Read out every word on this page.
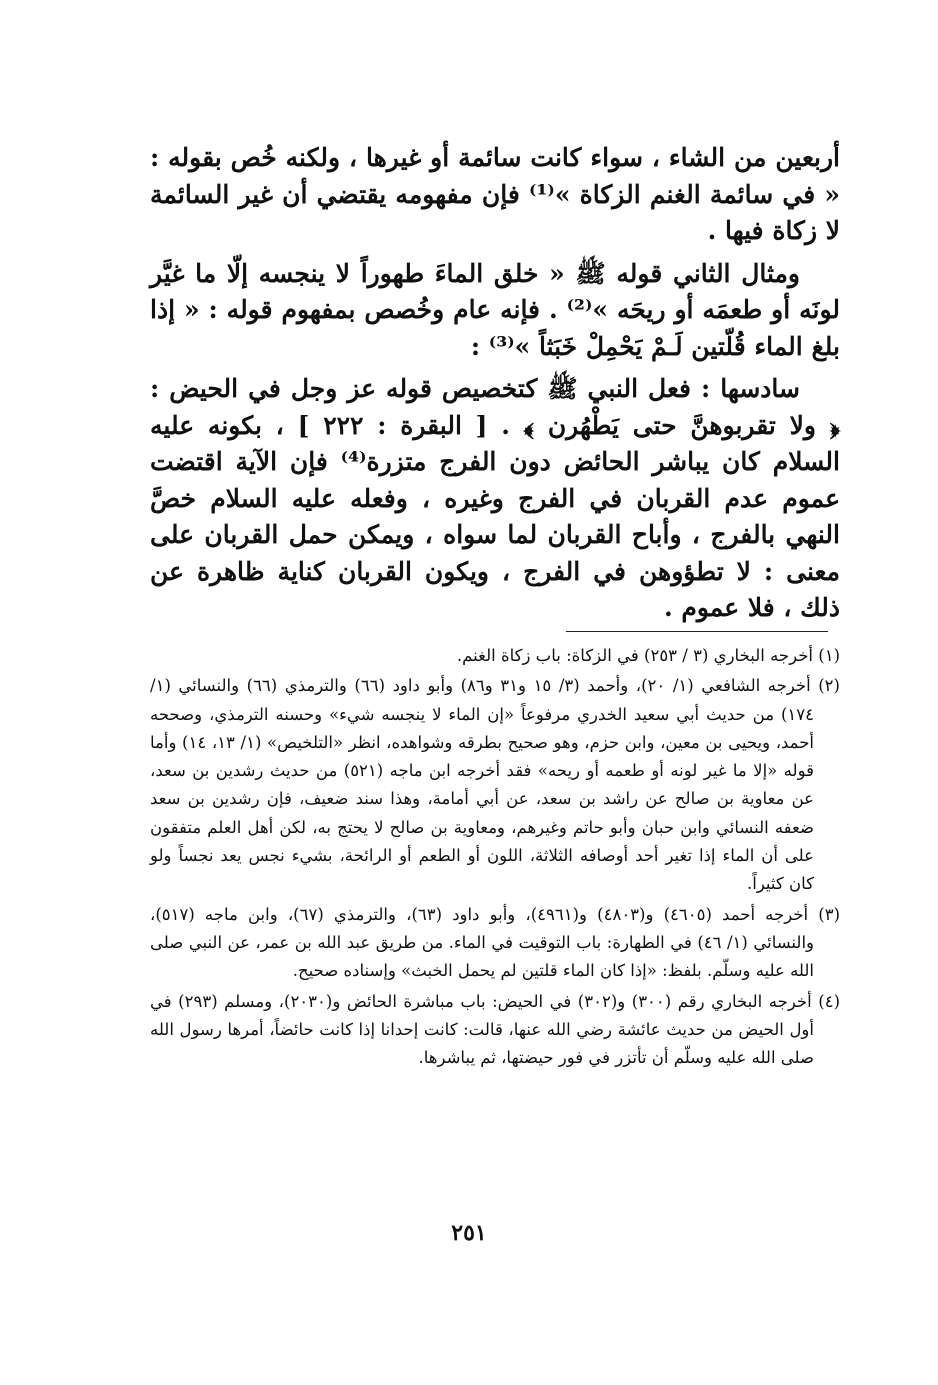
أربعين من الشاء ، سواء كانت سائمة أو غيرها ، ولكنه خُص بقوله : « في سائمة الغنم الزكاة »⁽¹⁾ فإن مفهومه يقتضي أن غير السائمة لا زكاة فيها .

ومثال الثاني قوله ﷺ « خلق الماءَ طهوراً لا ينجسه إلّا ما غيَّر لونَه أو طعمَه أو ريحَه »⁽²⁾ . فإنه عام وخُصص بمفهوم قوله : « إذا بلغ الماء قُلّتين لَـمْ يَحْمِلْ خَبَثاً »⁽³⁾ :

سادسها : فعل النبي ﷺ كتخصيص قوله عز وجل في الحيض : ﴿ ولا تقربوهنَّ حتى يَطْهُرن ﴾ . [ البقرة : ٢٢٢ ] ، بكونه عليه السلام كان يباشر الحائض دون الفرج متزرة⁽⁴⁾ فإن الآية اقتضت عموم عدم القربان في الفرج وغيره ، وفعله عليه السلام خصَّ النهي بالفرج ، وأباح القربان لما سواه ، ويمكن حمل القربان على معنى : لا تطؤوهن في الفرج ، ويكون القربان كناية ظاهرة عن ذلك ، فلا عموم .

(١) أخرجه البخاري (٣ / ٢٥٣) في الزكاة: باب زكاة الغنم.

(٢) أخرجه الشافعي (١/ ٢٠)، وأحمد (٣/ ١٥ و٣١ و٨٦) وأبو داود (٦٦) والترمذي (٦٦) والنسائي (١/ ١٧٤) من حديث أبي سعيد الخدري مرفوعاً «إن الماء لا ينجسه شيء» وحسنه الترمذي، وصححه أحمد، ويحيى بن معين، وابن حزم، وهو صحيح بطرقه وشواهده، انظر «التلخيص» (١/ ١٣، ١٤) وأما قوله «إلا ما غير لونه أو طعمه أو ريحه» فقد أخرجه ابن ماجه (٥٢١) من حديث رشدين بن سعد، عن معاوية بن صالح عن راشد بن سعد، عن أبي أمامة، وهذا سند ضعيف، فإن رشدين بن سعد ضعفه النسائي وابن حبان وأبو حاتم وغيرهم، ومعاوية بن صالح لا يحتج به، لكن أهل العلم متفقون على أن الماء إذا تغير أحد أوصافه الثلاثة، اللون أو الطعم أو الرائحة، بشيء نجس يعد نجساً ولو كان كثيراً.

(٣) أخرجه أحمد (٤٦٠٥) و(٤٨٠٣) و(٤٩٦١)، وأبو داود (٦٣)، والترمذي (٦٧)، وابن ماجه (٥١٧)، والنسائي (١/ ٤٦) في الطهارة: باب التوقيت في الماء. من طريق عبد الله بن عمر، عن النبي صلى الله عليه وسلّم. بلفظ: «إذا كان الماء قلتين لم يحمل الخبث» وإسناده صحيح.

(٤) أخرجه البخاري رقم (٣٠٠) و(٣٠٢) في الحيض: باب مباشرة الحائض و(٢٠٣٠)، ومسلم (٢٩٣) في أول الحيض من حديث عائشة رضي الله عنها، قالت: كانت إحدانا إذا كانت حائضاً، أمرها رسول الله صلى الله عليه وسلّم أن تأتزر في فور حيضتها، ثم يباشرها.

٢٥١
